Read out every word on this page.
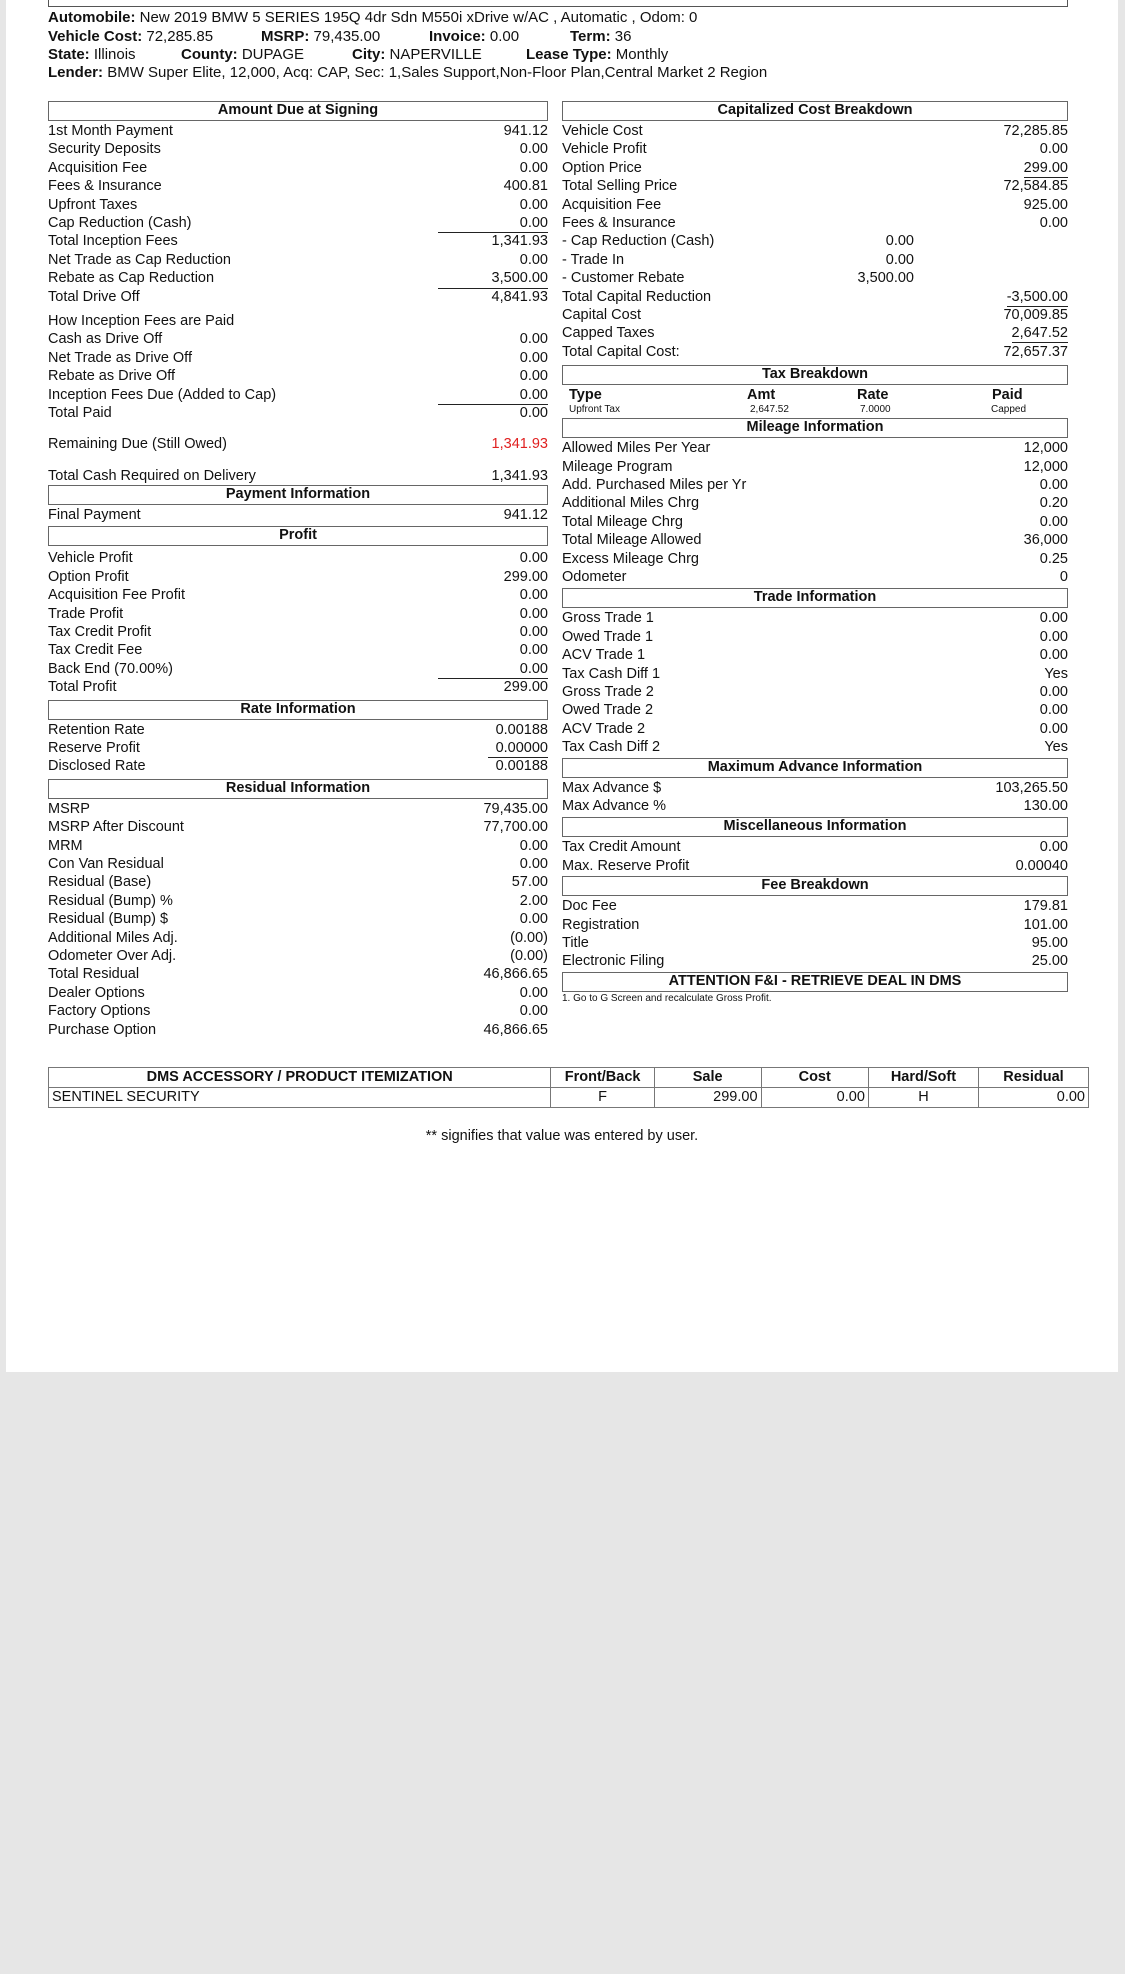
Automobile: New 2019 BMW 5 SERIES 195Q 4dr Sdn M550i xDrive w/AC , Automatic , Odom: 0
Vehicle Cost: 72,285.85	MSRP: 79,435.00	Invoice: 0.00	Term: 36
State: Illinois	County: DUPAGE	City: NAPERVILLE	Lease Type: Monthly
Lender: BMW Super Elite, 12,000, Acq: CAP, Sec: 1,Sales Support,Non-Floor Plan,Central Market 2 Region
Amount Due at Signing
1st Month Payment	941.12
Security Deposits	0.00
Acquisition Fee	0.00
Fees & Insurance	400.81
Upfront Taxes	0.00
Cap Reduction (Cash)	0.00
Total Inception Fees	1,341.93
Net Trade as Cap Reduction	0.00
Rebate as Cap Reduction	3,500.00
Total Drive Off	4,841.93
How Inception Fees are Paid
Cash as Drive Off	0.00
Net Trade as Drive Off	0.00
Rebate as Drive Off	0.00
Inception Fees Due (Added to Cap)	0.00
Total Paid	0.00
Remaining Due (Still Owed)	1,341.93
Total Cash Required on Delivery	1,341.93
Payment Information
Final Payment	941.12
Profit
Vehicle Profit	0.00
Option Profit	299.00
Acquisition Fee Profit	0.00
Trade Profit	0.00
Tax Credit Profit	0.00
Tax Credit Fee	0.00
Back End (70.00%)	0.00
Total Profit	299.00
Rate Information
Retention Rate	0.00188
Reserve Profit	0.00000
Disclosed Rate	0.00188
Residual Information
MSRP	79,435.00
MSRP After Discount	77,700.00
MRM	0.00
Con Van Residual	0.00
Residual (Base)	57.00
Residual (Bump) %	2.00
Residual (Bump) $	0.00
Additional Miles Adj.	(0.00)
Odometer Over Adj.	(0.00)
Total Residual	46,866.65
Dealer Options	0.00
Factory Options	0.00
Purchase Option	46,866.65
Capitalized Cost Breakdown
Vehicle Cost	72,285.85
Vehicle Profit	0.00
Option Price	299.00
Total Selling Price	72,584.85
Acquisition Fee	925.00
Fees & Insurance	0.00
- Cap Reduction (Cash)	0.00
- Trade In	0.00
- Customer Rebate	3,500.00
Total Capital Reduction	-3,500.00
Capital Cost	70,009.85
Capped Taxes	2,647.52
Total Capital Cost:	72,657.37
Tax Breakdown
Type	Amt	Rate	Paid
Upfront Tax	2,647.52	7.0000	Capped
Mileage Information
Allowed Miles Per Year	12,000
Mileage Program	12,000
Add. Purchased Miles per Yr	0.00
Additional Miles Chrg	0.20
Total Mileage Chrg	0.00
Total Mileage Allowed	36,000
Excess Mileage Chrg	0.25
Odometer	0
Trade Information
Gross Trade 1	0.00
Owed Trade 1	0.00
ACV Trade 1	0.00
Tax Cash Diff 1	Yes
Gross Trade 2	0.00
Owed Trade 2	0.00
ACV Trade 2	0.00
Tax Cash Diff 2	Yes
Maximum Advance Information
Max Advance $	103,265.50
Max Advance %	130.00
Miscellaneous Information
Tax Credit Amount	0.00
Max. Reserve Profit	0.00040
Fee Breakdown
Doc Fee	179.81
Registration	101.00
Title	95.00
Electronic Filing	25.00
ATTENTION F&I - RETRIEVE DEAL IN DMS
1. Go to G Screen and recalculate Gross Profit.
DMS ACCESSORY / PRODUCT ITEMIZATION	Front/Back	Sale	Cost	Hard/Soft	Residual
SENTINEL SECURITY	F	299.00	0.00	H	0.00
** signifies that value was entered by user.
